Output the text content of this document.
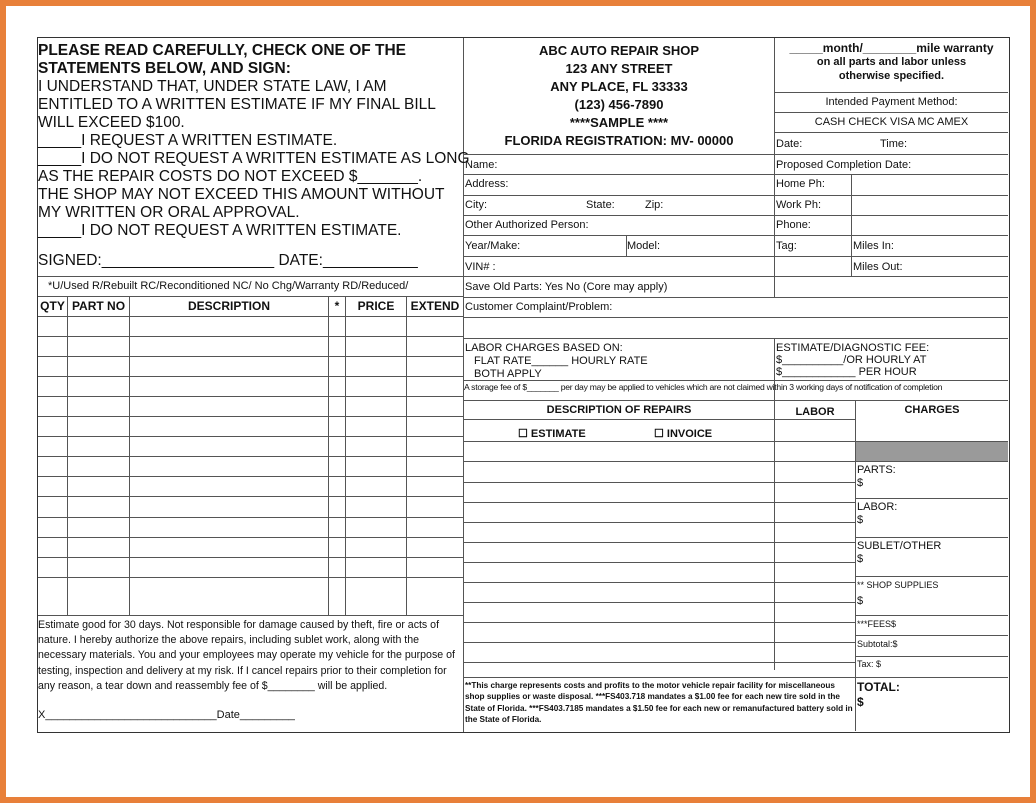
PLEASE READ CAREFULLY, CHECK ONE OF THE
STATEMENTS BELOW, AND SIGN:
I UNDERSTAND THAT, UNDER STATE LAW, I AM
ENTITLED TO A WRITTEN ESTIMATE IF MY FINAL BILL
WILL EXCEED $100.
_____I REQUEST A WRITTEN ESTIMATE.
_____I DO NOT REQUEST A WRITTEN ESTIMATE AS LONG
AS THE REPAIR COSTS DO NOT EXCEED $_______.
THE SHOP MAY NOT EXCEED THIS AMOUNT WITHOUT
MY WRITTEN OR ORAL APPROVAL.
_____I DO NOT REQUEST A WRITTEN ESTIMATE.
SIGNED:____________________ DATE:___________
*U/Used R/Rebuilt RC/Reconditioned NC/ No Chg/Warranty RD/Reduced/
QTY PART NO	DESCRIPTION	*	PRICE	EXTEND
Estimate good for 30 days. Not responsible for damage caused by theft, fire or acts of nature. I hereby authorize the above repairs, including sublet work, along with the necessary materials. You and your employees may operate my vehicle for the purpose of testing, inspection and delivery at my risk. If I cancel repairs prior to their completion for any reason, a tear down and reassembly fee of $________ will be applied.
X____________________________Date_________
ABC AUTO REPAIR SHOP
123 ANY STREET
ANY PLACE, FL 33333
(123) 456-7890
****SAMPLE ****
FLORIDA REGISTRATION: MV- 00000
_____month/________mile warranty
on all parts and labor unless
otherwise specified.
Intended Payment Method:
CASH CHECK VISA MC AMEX
Date:	Time:
Name:	Proposed Completion Date:
Address:	Home Ph:
City:	State:	Zip:	Work Ph:
Other Authorized Person:	Phone:
Year/Make:	Model:	Tag:	Miles In:
VIN# :	Miles Out:
Save Old Parts: Yes No (Core may apply)
Customer Complaint/Problem:
LABOR CHARGES BASED ON:
FLAT RATE______ HOURLY RATE
BOTH APPLY
ESTIMATE/DIAGNOSTIC FEE:
$__________/OR HOURLY AT
$____________ PER HOUR
A storage fee of $_______ per day may be applied to vehicles which are not claimed within 3 working days of notification of completion
DESCRIPTION OF REPAIRS	LABOR	CHARGES
☐ ESTIMATE	☐ INVOICE
PARTS:
$
LABOR:
$
SUBLET/OTHER
$
** SHOP SUPPLIES
$
***FEES$
Subtotal:$
Tax: $
TOTAL:
$
**This charge represents costs and profits to the motor vehicle repair facility for miscellaneous shop supplies or waste disposal. ***FS403.718 mandates a $1.00 fee for each new tire sold in the State of Florida. ***FS403.7185 mandates a $1.50 fee for each new or remanufactured battery sold in the State of Florida.
